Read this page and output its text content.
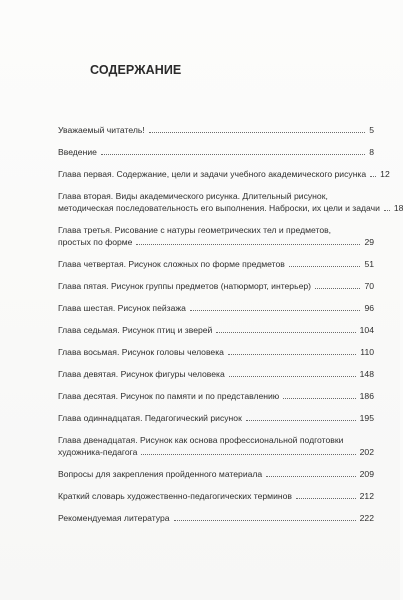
СОДЕРЖАНИЕ
Уважаемый читатель!	5
Введение	8
Глава первая. Содержание, цели и задачи учебного академического рисунка 12
Глава вторая. Виды академического рисунка. Длительный рисунок,
методическая последовательность его выполнения. Наброски, их цели и задачи 18
Глава третья. Рисование с натуры геометрических тел и предметов,
простых по форме	29
Глава четвертая. Рисунок сложных по форме предметов	51
Глава пятая. Рисунок группы предметов (натюрморт, интерьер)	70
Глава шестая. Рисунок пейзажа	96
Глава седьмая. Рисунок птиц и зверей	104
Глава восьмая. Рисунок головы человека	110
Глава девятая. Рисунок фигуры человека	148
Глава десятая. Рисунок по памяти и по представлению	186
Глава одиннадцатая. Педагогический рисунок	195
Глава двенадцатая. Рисунок как основа профессиональной подготовки
художника-педагога	202
Вопросы для закрепления пройденного материала	209
Краткий словарь художественно-педагогических терминов	212
Рекомендуемая литература	222
